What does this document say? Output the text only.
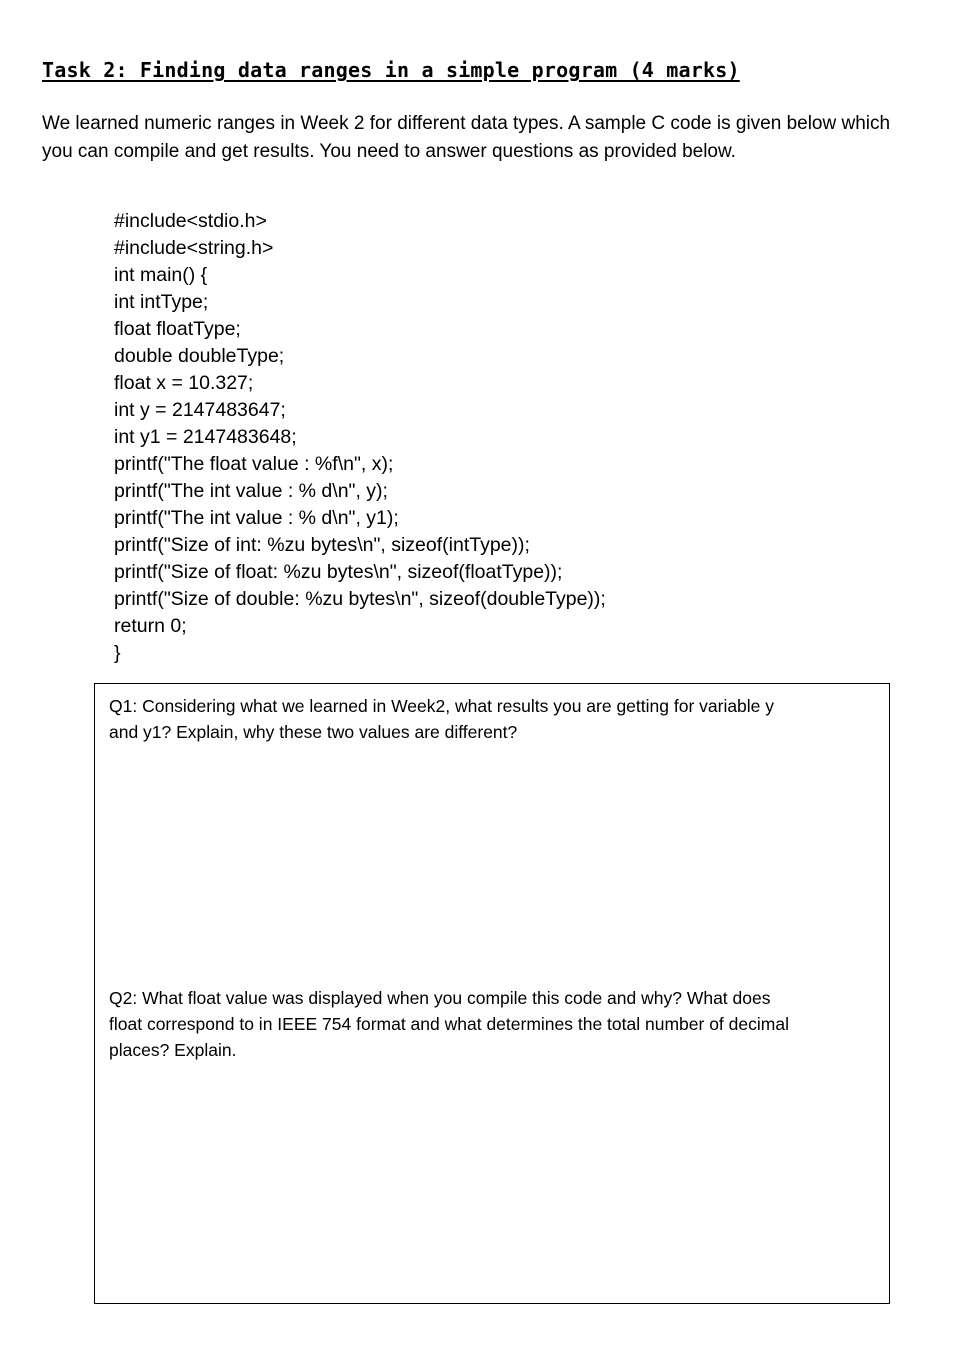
Task 2: Finding data ranges in a simple program (4 marks)

We learned numeric ranges in Week 2 for different data types. A sample C code is given below which
you can compile and get results. You need to answer questions as provided below.

#include<stdio.h>
#include<string.h>
int main() {
int intType;
float floatType;
double doubleType;
float x = 10.327;
int y = 2147483647;
int y1 = 2147483648;
printf("The float value : %f\n", x);
printf("The int value : % d\n", y);
printf("The int value : % d\n", y1);
printf("Size of int: %zu bytes\n", sizeof(intType));
printf("Size of float: %zu bytes\n", sizeof(floatType));
printf("Size of double: %zu bytes\n", sizeof(doubleType));
return 0;
}

Q1: Considering what we learned in Week2, what results you are getting for variable y
and y1? Explain, why these two values are different?

Q2: What float value was displayed when you compile this code and why? What does
float correspond to in IEEE 754 format and what determines the total number of decimal
places? Explain.
